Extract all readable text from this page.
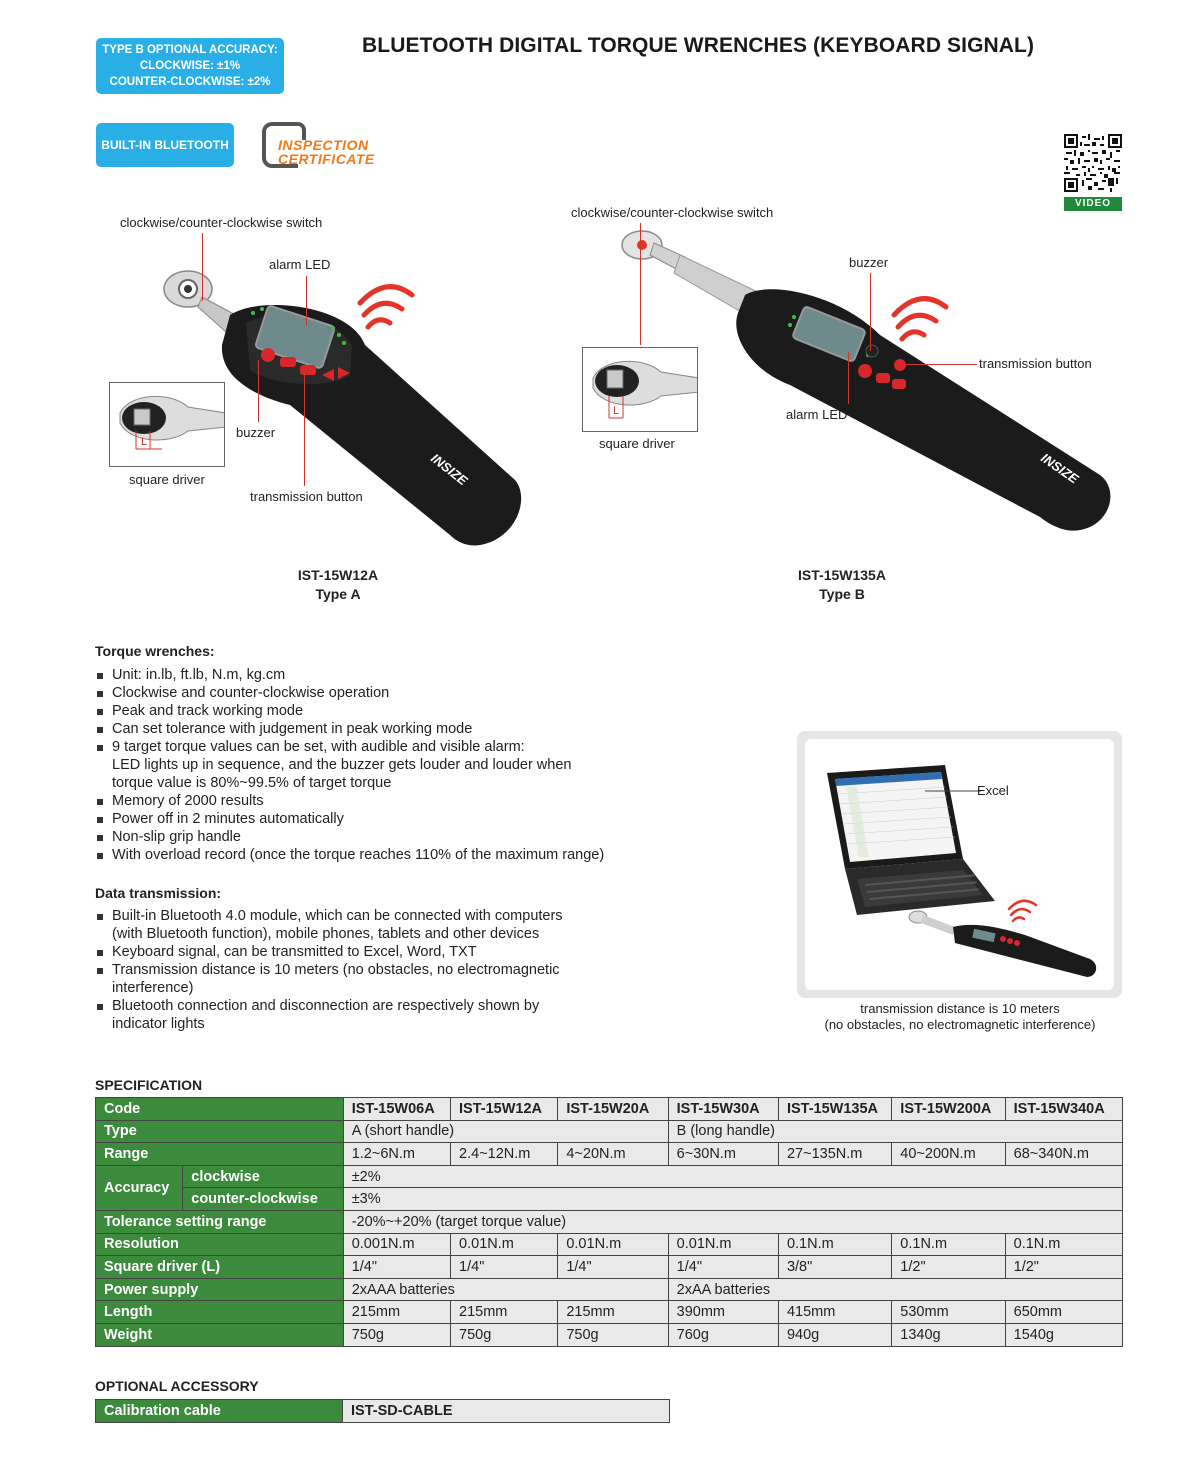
TYPE B OPTIONAL ACCURACY:
CLOCKWISE: ±1%
COUNTER-CLOCKWISE: ±2%
BLUETOOTH DIGITAL TORQUE WRENCHES (KEYBOARD SIGNAL)
BUILT-IN BLUETOOTH	INSPECTION
CERTIFICATE
VIDEO
INSIZE
clockwise/counter-clockwise switch
alarm LED
buzzer
transmission button
L
square driver
IST-15W12A
Type A
INSIZE
clockwise/counter-clockwise switch
buzzer
transmission button
alarm LED
L
square driver
IST-15W135A
Type B
Torque wrenches:
Unit: in.lb, ft.lb, N.m, kg.cm
Clockwise and counter-clockwise operation
Peak and track working mode
Can set tolerance with judgement in peak working mode
9 target torque values can be set, with audible and visible alarm:
LED lights up in sequence, and the buzzer gets louder and louder when
torque value is 80%~99.5% of target torque
Memory of 2000 results
Power off in 2 minutes automatically
Non-slip grip handle
With overload record (once the torque reaches 110% of the maximum range)
Data transmission:
Built-in Bluetooth 4.0 module, which can be connected with computers
(with Bluetooth function), mobile phones, tablets and other devices
Keyboard signal, can be transmitted to Excel, Word, TXT
Transmission distance is 10 meters (no obstacles, no electromagnetic
interference)
Bluetooth connection and disconnection are respectively shown by
indicator lights
Excel
transmission distance is 10 meters
(no obstacles, no electromagnetic interference)
SPECIFICATION
Code		IST-15W06A	IST-15W12A	IST-15W20A	IST-15W30A	IST-15W135A	IST-15W200A	IST-15W340A
Type		A (short handle)			B (long handle)			
Range		1.2~6N.m	2.4~12N.m	4~20N.m	6~30N.m	27~135N.m	40~200N.m	68~340N.m
Accuracy	clockwise	±2%						
	counter-clockwise	±3%						
Tolerance setting range		-20%~+20% (target torque value)						
Resolution		0.001N.m	0.01N.m	0.01N.m	0.01N.m	0.1N.m	0.1N.m	0.1N.m
Square driver (L)		1/4"	1/4"	1/4"	1/4"	3/8"	1/2"	1/2"
Power supply		2xAAA batteries			2xAA batteries			
Length		215mm	215mm	215mm	390mm	415mm	530mm	650mm
Weight		750g	750g	750g	760g	940g	1340g	1540g
OPTIONAL ACCESSORY
Calibration cable	IST-SD-CABLE
